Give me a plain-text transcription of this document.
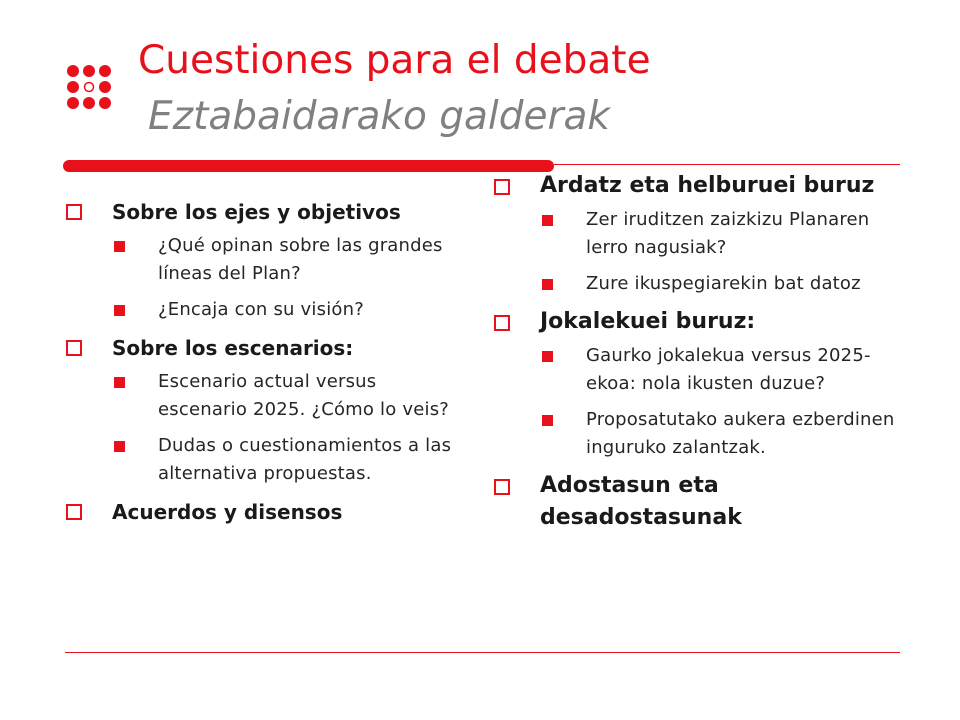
Cuestiones para el debate
Eztabaidarako galderak
Sobre los ejes y objetivos
¿Qué opinan sobre las grandes líneas del Plan?
¿Encaja con su visión?
Sobre los escenarios:
Escenario actual versus escenario 2025. ¿Cómo lo veis?
Dudas o cuestionamientos a las alternativa propuestas.
Acuerdos y disensos
Ardatz eta helburuei buruz
Zer iruditzen zaizkizu Planaren lerro nagusiak?
Zure ikuspegiarekin bat datoz
Jokalekuei buruz:
Gaurko jokalekua versus 2025-ekoa: nola ikusten duzue?
Proposatutako aukera ezberdinen inguruko zalantzak.
Adostasun eta desadostasunak
